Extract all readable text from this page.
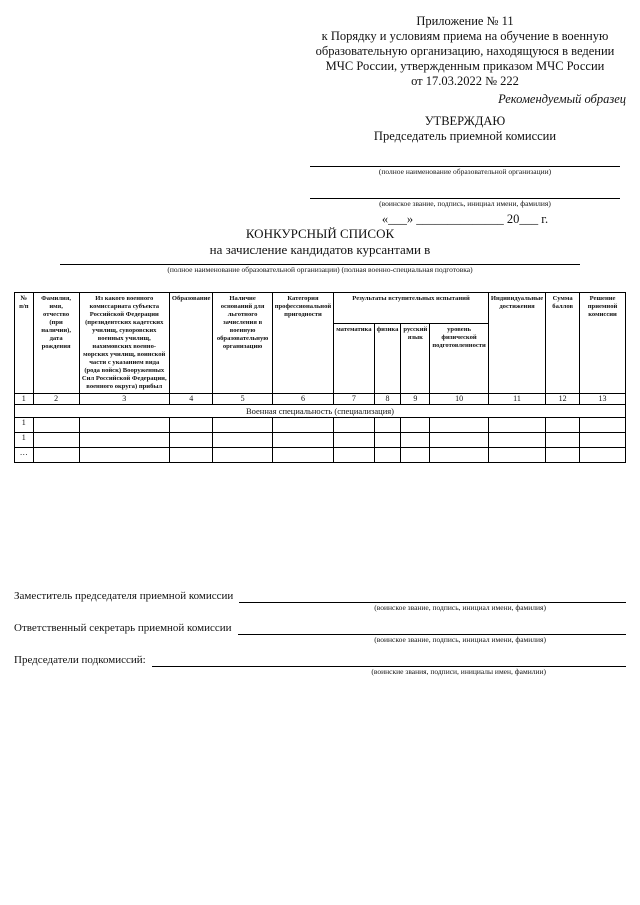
Приложение № 11
к Порядку и условиям приема на обучение в военную
образовательную организацию, находящуюся в ведении
МЧС России, утвержденным приказом МЧС России
от 17.03.2022 № 222
Рекомендуемый образец
УТВЕРЖДАЮ
Председатель приемной комиссии
(полное наименование образовательной организации)
(воинское звание, подпись, инициал имени, фамилия)
«___» ______________ 20___ г.
КОНКУРСНЫЙ СПИСОК
на зачисление кандидатов курсантами в
(полное наименование образовательной организации) (полная военно-специальная подготовка)
№ п/п	Фамилия, имя, отчество (при наличии), дата рождения	Из какого военного комиссариата субъекта Российской Федерации (президентских кадетских училищ, суворовских военных училищ, нахимовских военно-морских училищ, воинской части с указанием вида (рода войск) Вооруженных Сил Российской Федерации, военного округа) прибыл	Образование	Наличие оснований для льготного зачисления в военную образовательную организацию	Категория профессиональной пригодности	Результаты вступительных испытаний				Индивидуальные достижения	Сумма баллов	Решение приемной комиссии
						математика	физика	русский язык	уровень физической подготовленности			
1	2	3	4	5	6	7	8	9	10	11	12	13
Военная специальность (специализация)												
1												
1												
…												
Заместитель председателя приемной комиссии
(воинское звание, подпись, инициал имени, фамилия)
Ответственный секретарь приемной комиссии
(воинское звание, подпись, инициал имени, фамилия)
Председатели подкомиссий:
(воинские звания, подписи, инициалы имен, фамилии)
